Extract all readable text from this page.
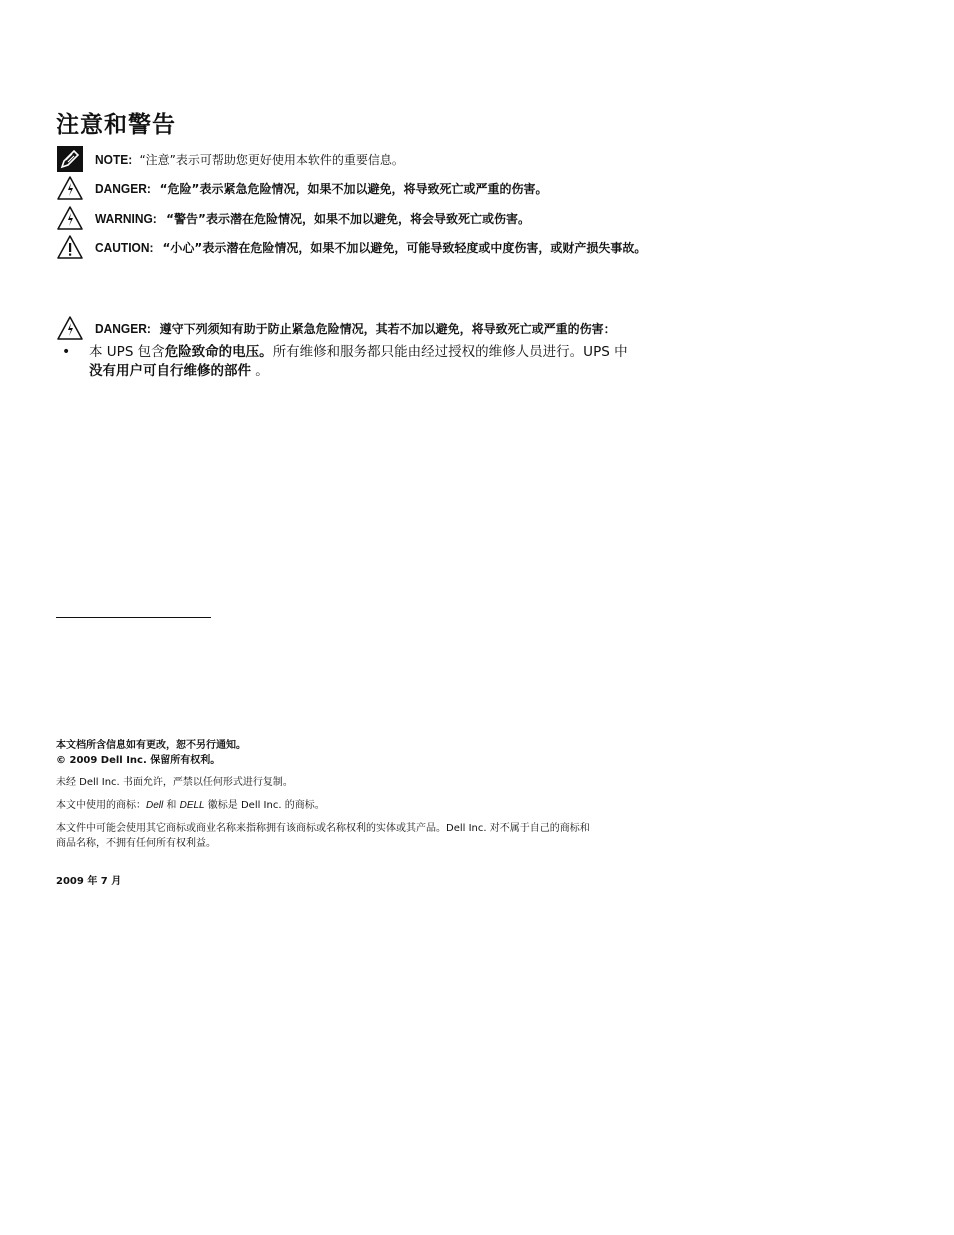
注意和警告
NOTE: “注意”表示可帮助您更好使用本软件的重要信息。
DANGER: “危险”表示紧急危险情况，如果不加以避免，将导致死亡或严重的伤害。
WARNING: “警告”表示潜在危险情况，如果不加以避免，将会导致死亡或伤害。
CAUTION: “小心”表示潜在危险情况，如果不加以避免，可能导致轻度或中度伤害，或财产损失事故。
DANGER: 遵守下列须知有助于防止紧急危险情况，其若不加以避免，将导致死亡或严重的伤害：
• 本 UPS 包含危险致命的电压。所有维修和服务都只能由经过授权的维修人员进行。UPS 中
没有用户可自行维修的部件 。
本文档所含信息如有更改，恕不另行通知。
© 2009 Dell Inc. 保留所有权利。
未经 Dell Inc. 书面允许，严禁以任何形式进行复制。
本文中使用的商标：Dell 和 DELL 徽标是 Dell Inc. 的商标。
本文件中可能会使用其它商标或商业名称来指称拥有该商标或名称权利的实体或其产品。Dell Inc. 对不属于自己的商标和
商品名称，不拥有任何所有权利益。
2009 年 7 月
